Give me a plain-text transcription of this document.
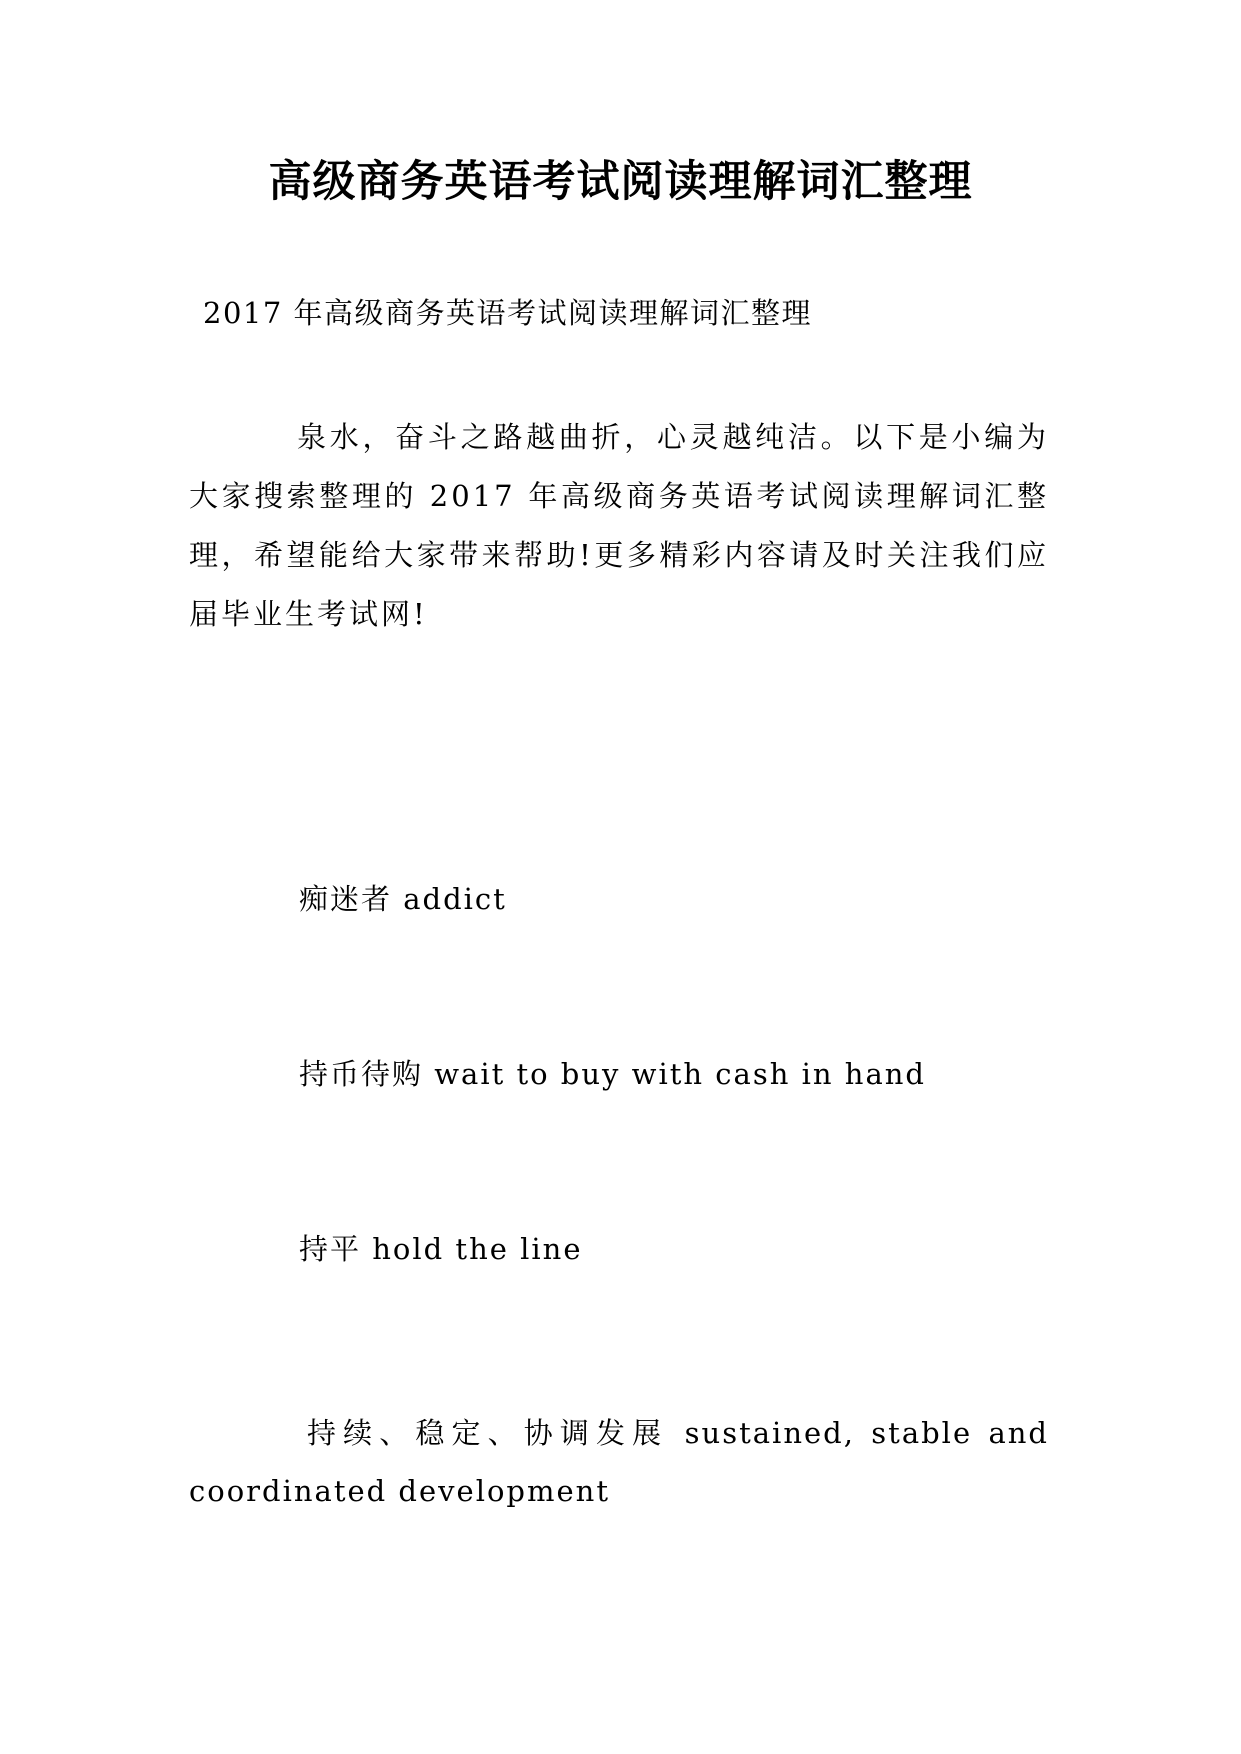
高级商务英语考试阅读理解词汇整理
2017 年高级商务英语考试阅读理解词汇整理
泉水，奋斗之路越曲折，心灵越纯洁。以下是小编为大家搜索整理的 2017 年高级商务英语考试阅读理解词汇整理，希望能给大家带来帮助!更多精彩内容请及时关注我们应届毕业生考试网!
痴迷者 addict
持币待购 wait to buy with cash in hand
持平 hold the line
持续、稳定、协调发展 sustained, stable and coordinated development
